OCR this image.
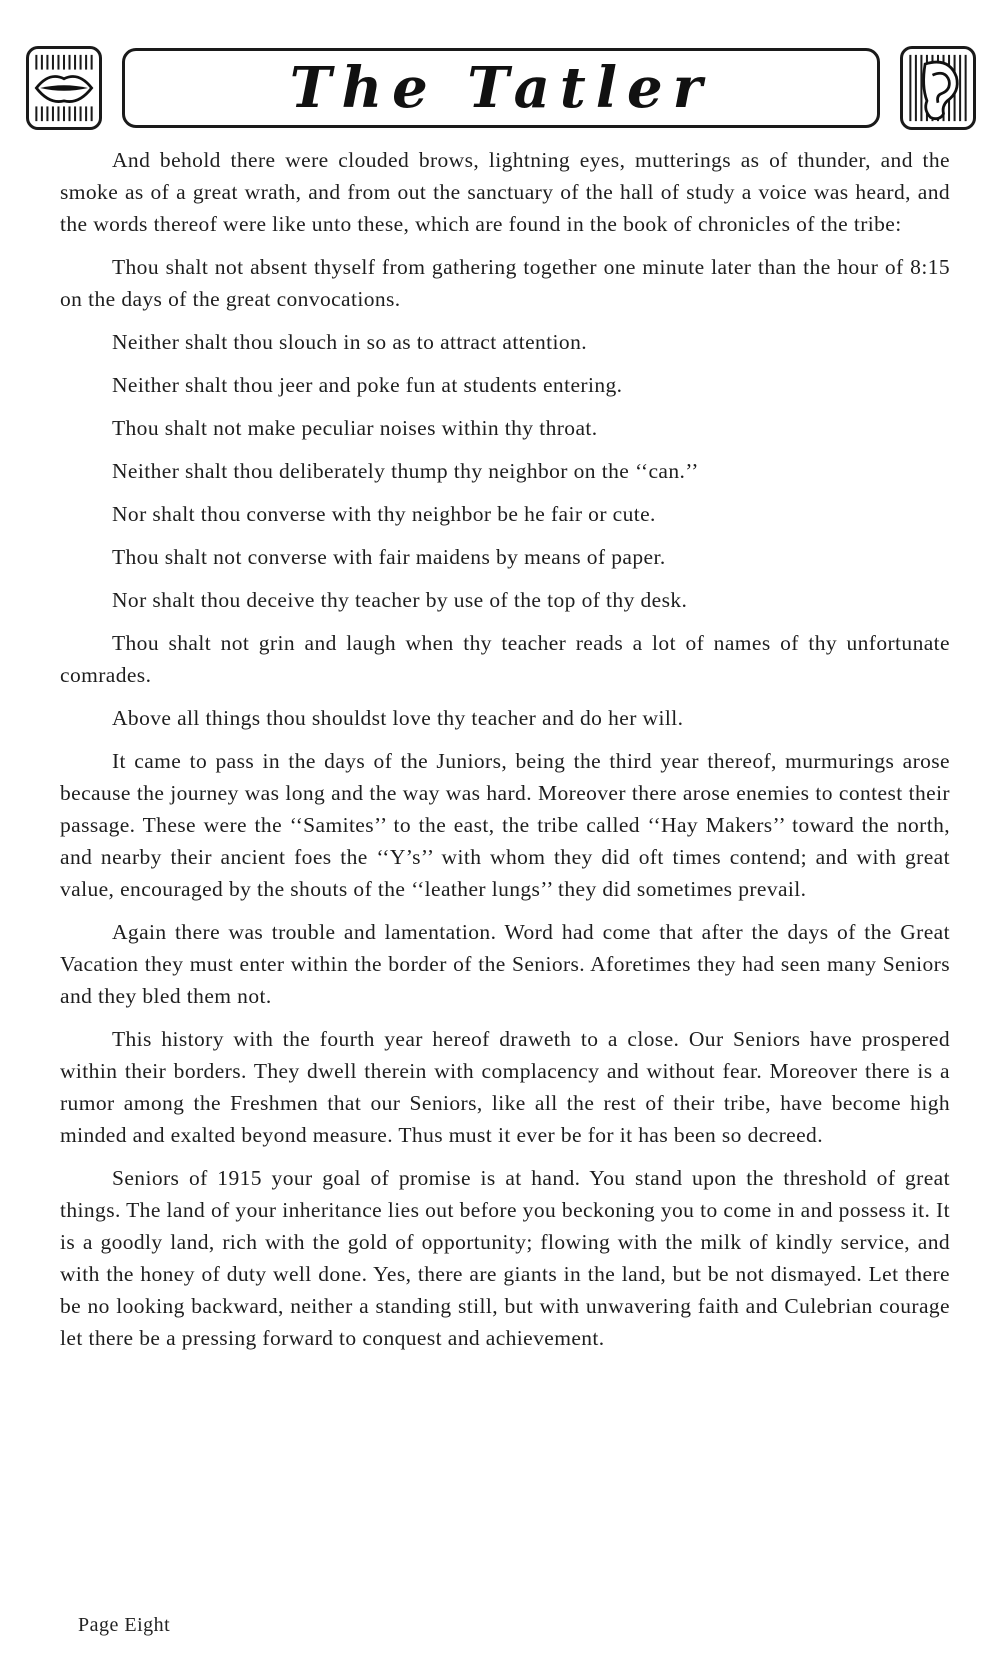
The Tatler

And behold there were clouded brows, lightning eyes, mutterings as of thunder, and the smoke as of a great wrath, and from out the sanctuary of the hall of study a voice was heard, and the words thereof were like unto these, which are found in the book of chronicles of the tribe:

Thou shalt not absent thyself from gathering together one minute later than the hour of 8:15 on the days of the great convocations.

Neither shalt thou slouch in so as to attract attention.

Neither shalt thou jeer and poke fun at students entering.

Thou shalt not make peculiar noises within thy throat.

Neither shalt thou deliberately thump thy neighbor on the ‘‘can.’’

Nor shalt thou converse with thy neighbor be he fair or cute.

Thou shalt not converse with fair maidens by means of paper.

Nor shalt thou deceive thy teacher by use of the top of thy desk.

Thou shalt not grin and laugh when thy teacher reads a lot of names of thy unfortunate comrades.

Above all things thou shouldst love thy teacher and do her will.

It came to pass in the days of the Juniors, being the third year thereof, murmurings arose because the journey was long and the way was hard. Moreover there arose enemies to contest their passage. These were the ‘‘Samites’’ to the east, the tribe called ‘‘Hay Makers’’ toward the north, and nearby their ancient foes the ‘‘Y’s’’ with whom they did oft times contend; and with great value, encouraged by the shouts of the ‘‘leather lungs’’ they did sometimes prevail.

Again there was trouble and lamentation. Word had come that after the days of the Great Vacation they must enter within the border of the Seniors. Aforetimes they had seen many Seniors and they bled them not.

This history with the fourth year hereof draweth to a close. Our Seniors have prospered within their borders. They dwell therein with complacency and without fear. Moreover there is a rumor among the Freshmen that our Seniors, like all the rest of their tribe, have become high minded and exalted beyond measure. Thus must it ever be for it has been so decreed.

Seniors of 1915 your goal of promise is at hand. You stand upon the threshold of great things. The land of your inheritance lies out before you beckoning you to come in and possess it. It is a goodly land, rich with the gold of opportunity; flowing with the milk of kindly service, and with the honey of duty well done. Yes, there are giants in the land, but be not dismayed. Let there be no looking backward, neither a standing still, but with unwavering faith and Culebrian courage let there be a pressing forward to conquest and achievement.

Page Eight
